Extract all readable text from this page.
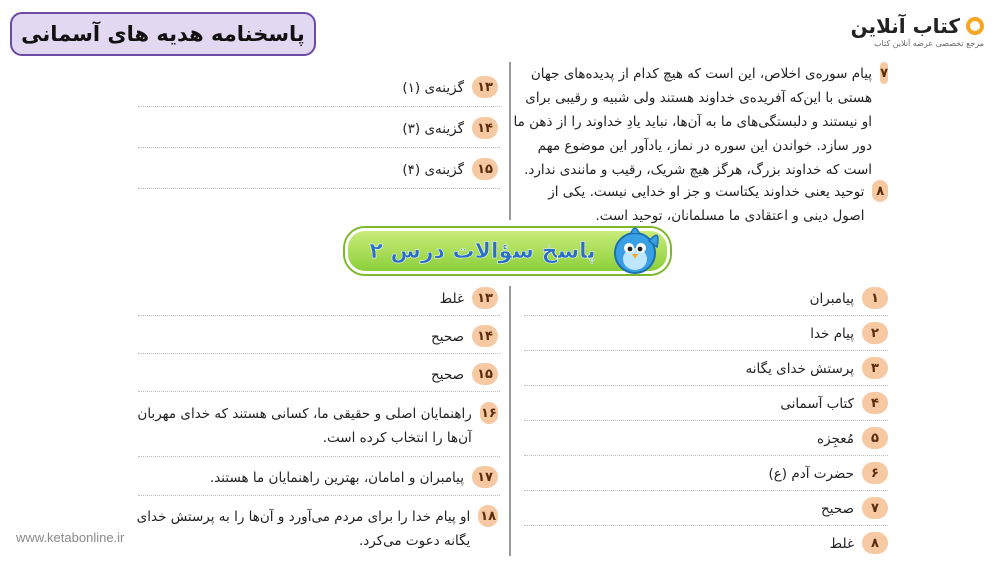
پاسخنامه هدیه های آسمانی	کتاب آنلاین
مرجع تخصصی عرضه آنلاین کتاب
۷
پیام سوره‌ی اخلاص، این است که هیچ کدام از پدیده‌های جهان هستی با این‌که آفریده‌ی خداوند هستند ولی شبیه و رقیبی برای او نیستند و دلبستگی‌های ما به آن‌ها، نباید یادِ خداوند را از ذهن ما دور سازد. خواندن این سوره در نماز، یادآور این موضوع مهم است که خداوند بزرگ، هرگز هیچ شریک، رقیب و مانندی ندارد.
۸
توحید یعنی خداوند یکتاست و جز او خدایی نیست. یکی از اصول دینی و اعتقادی ما مسلمانان، توحید است.
۱۳
گزینه‌ی (۱)
۱۴
گزینه‌ی (۳)
۱۵
گزینه‌ی (۴)
پاسخ سؤالات درس ۲
۱
پیامبران
۲
پیام خدا
۳
پرستش خدای یگانه
۴
کتاب آسمانی
۵
مُعجِزه
۶
حضرت آدم (ع)
۷
صحیح
۸
غلط
۱۳
غلط
۱۴
صحیح
۱۵
صحیح
۱۶
راهنمایان اصلی و حقیقی ما، کسانی هستند که خدای مهربان آن‌ها را انتخاب کرده است.
۱۷
پیامبران و امامان، بهترین راهنمایان ما هستند.
۱۸
او پیام خدا را برای مردم می‌آورد و آن‌ها را به پرستش خدای یگانه دعوت می‌کرد.
www.ketabonline.ir
